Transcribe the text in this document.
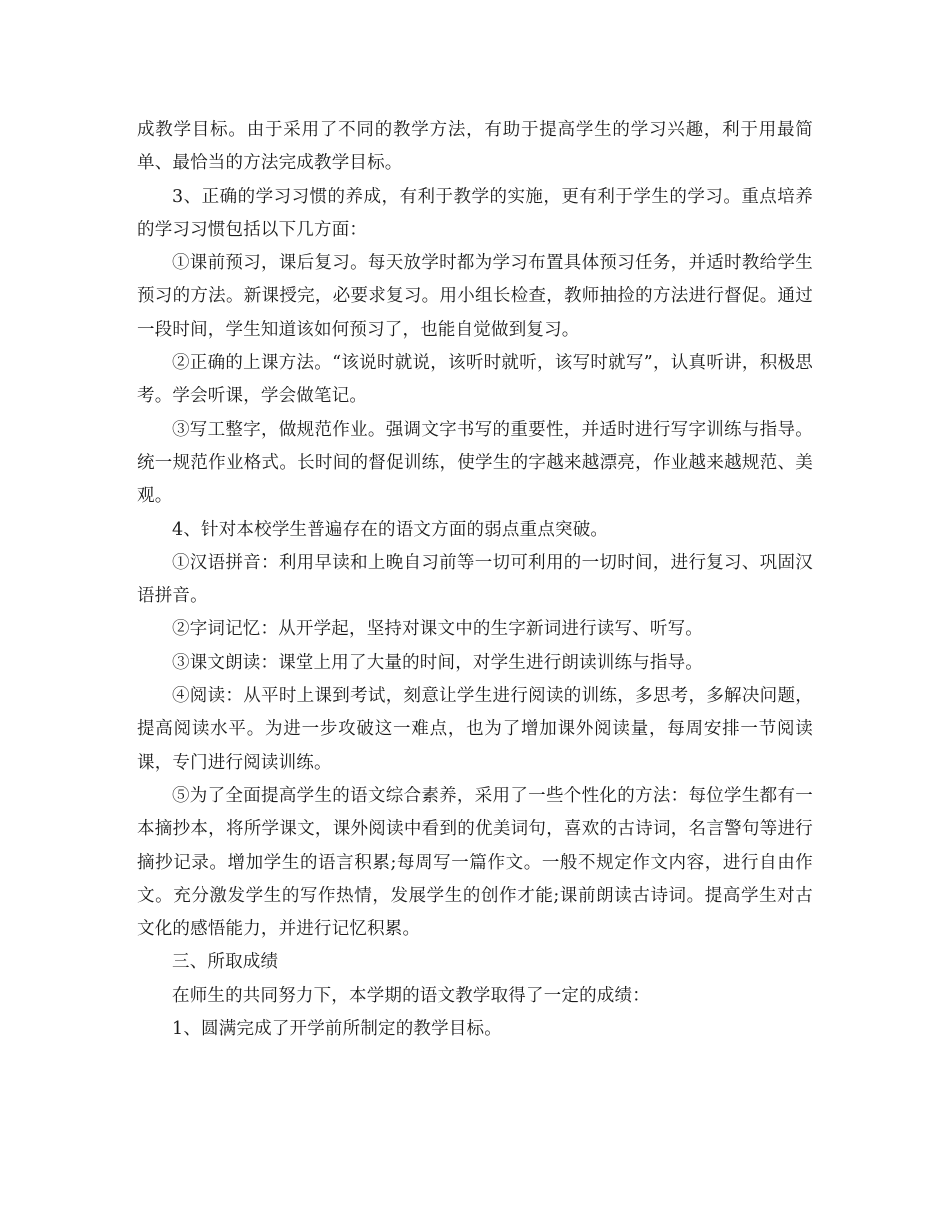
成教学目标。由于采用了不同的教学方法，有助于提高学生的学习兴趣，利于用最简单、最恰当的方法完成教学目标。

3、正确的学习习惯的养成，有利于教学的实施，更有利于学生的学习。重点培养的学习习惯包括以下几方面：

①课前预习，课后复习。每天放学时都为学习布置具体预习任务，并适时教给学生预习的方法。新课授完，必要求复习。用小组长检查，教师抽捡的方法进行督促。通过一段时间，学生知道该如何预习了，也能自觉做到复习。

②正确的上课方法。“该说时就说，该听时就听，该写时就写”，认真听讲，积极思考。学会听课，学会做笔记。

③写工整字，做规范作业。强调文字书写的重要性，并适时进行写字训练与指导。统一规范作业格式。长时间的督促训练，使学生的字越来越漂亮，作业越来越规范、美观。

4、针对本校学生普遍存在的语文方面的弱点重点突破。

①汉语拼音：利用早读和上晚自习前等一切可利用的一切时间，进行复习、巩固汉语拼音。

②字词记忆：从开学起，坚持对课文中的生字新词进行读写、听写。

③课文朗读：课堂上用了大量的时间，对学生进行朗读训练与指导。

④阅读：从平时上课到考试，刻意让学生进行阅读的训练，多思考，多解决问题，提高阅读水平。为进一步攻破这一难点，也为了增加课外阅读量，每周安排一节阅读课，专门进行阅读训练。

⑤为了全面提高学生的语文综合素养，采用了一些个性化的方法：每位学生都有一本摘抄本，将所学课文，课外阅读中看到的优美词句，喜欢的古诗词，名言警句等进行摘抄记录。增加学生的语言积累;每周写一篇作文。一般不规定作文内容，进行自由作文。充分激发学生的写作热情，发展学生的创作才能;课前朗读古诗词。提高学生对古文化的感悟能力，并进行记忆积累。

三、所取成绩

在师生的共同努力下，本学期的语文教学取得了一定的成绩：

1、圆满完成了开学前所制定的教学目标。
